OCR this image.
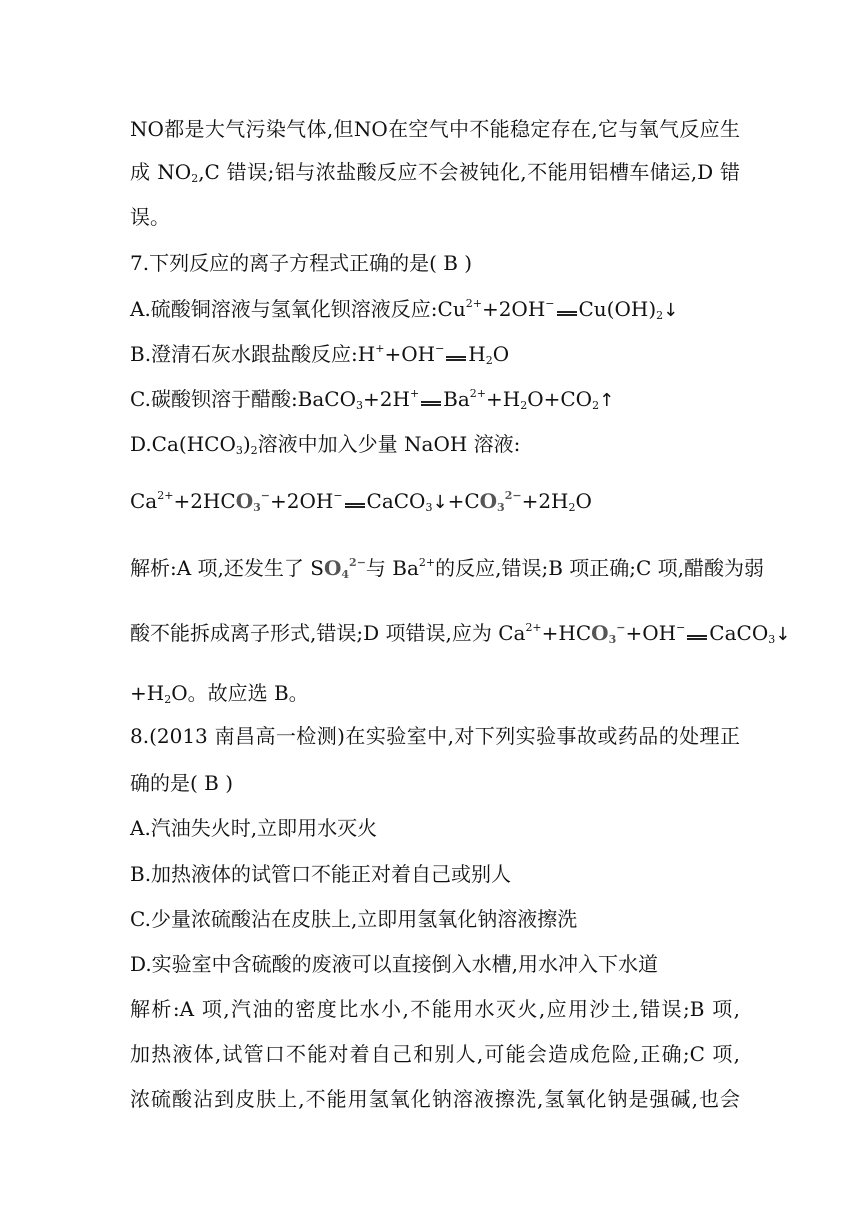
NO都是大气污染气体,但NO在空气中不能稳定存在,它与氧气反应生
成 $NO_2,C$ 错误;铝与浓盐酸反应不会被钝化,不能用铝槽车储运,D 错
误。
7.下列反应的离子方程式正确的是( B )
A.硫酸铜溶液与氢氧化钡溶液反应$:Cu^{2+}+2OH^-$ $Cu(OH)_2↓$
B.澄清石灰水跟盐酸反应:H++OH− $H_2O$
C.碳酸钡溶于醋酸:BaCO$_3$+2H+ $Ba^{2+}+H_2O+CO_2↑$
$D.Ca(HCO_3)_2$溶液中加入少量 NaOH 溶液:
$Ca^{2+}+2HCO_3^-+2OH^-$ $CaCO_3↓+CO_3^{2-}+2H_2O$
解析:A 项,还发生了 $SO_4^{2-}$与 $Ba^{2+}$的反应,错误;B 项正确;C 项,醋酸为弱
酸不能拆成离子形式,错误;D 项错误,应为 $Ca^{2+}+HCO_3^-+OH^-$ CaCO$_3$↓
$+H_2O$。故应选 B。
8.(2013 南昌高一检测)在实验室中,对下列实验事故或药品的处理正
确的是( B )
A.汽油失火时,立即用水灭火
B.加热液体的试管口不能正对着自己或别人
C.少量浓硫酸沾在皮肤上,立即用氢氧化钠溶液擦洗
D.实验室中含硫酸的废液可以直接倒入水槽,用水冲入下水道
解析:A 项,汽油的密度比水小,不能用水灭火,应用沙土,错误;B 项,
加热液体,试管口不能对着自己和别人,可能会造成危险,正确;C 项,
浓硫酸沾到皮肤上,不能用氢氧化钠溶液擦洗,氢氧化钠是强碱,也会
